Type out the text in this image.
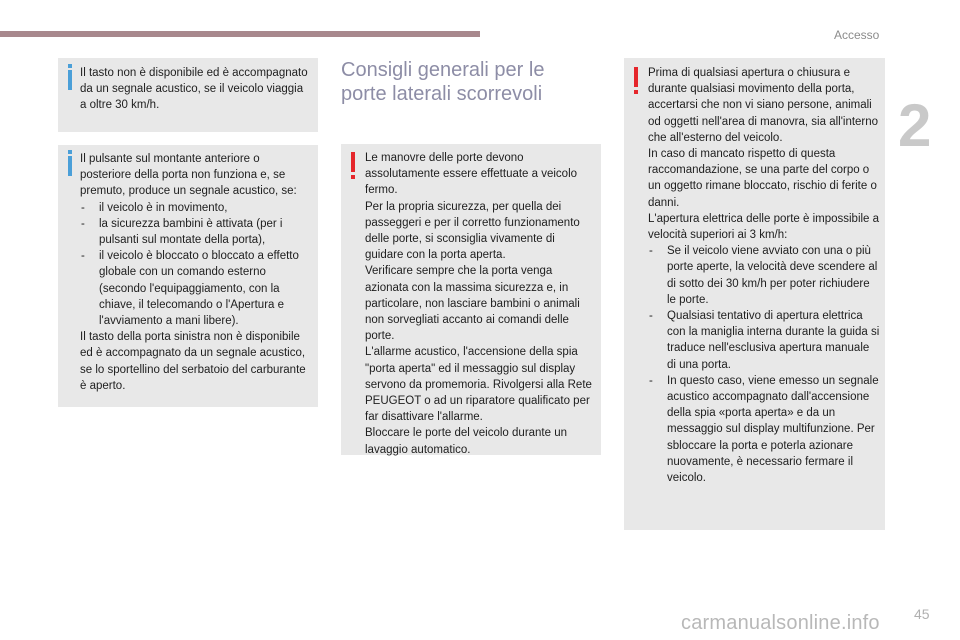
Accesso
2

Il tasto non è disponibile ed è accompagnato da un segnale acustico, se il veicolo viaggia a oltre 30 km/h.

Il pulsante sul montante anteriore o posteriore della porta non funziona e, se premuto, produce un segnale acustico, se:

- il veicolo è in movimento,
- la sicurezza bambini è attivata (per i pulsanti sul montate della porta),
- il veicolo è bloccato o bloccato a effetto globale con un comando esterno (secondo l'equipaggiamento, con la chiave, il telecomando o l'Apertura e l'avviamento a mani libere).

Il tasto della porta sinistra non è disponibile ed è accompagnato da un segnale acustico, se lo sportellino del serbatoio del carburante è aperto.

Consigli generali per le
porte laterali scorrevoli

Le manovre delle porte devono assolutamente essere effettuate a veicolo fermo.

Per la propria sicurezza, per quella dei passeggeri e per il corretto funzionamento delle porte, si sconsiglia vivamente di guidare con la porta aperta.

Verificare sempre che la porta venga azionata con la massima sicurezza e, in particolare, non lasciare bambini o animali non sorvegliati accanto ai comandi delle porte.

L'allarme acustico, l'accensione della spia "porta aperta" ed il messaggio sul display servono da promemoria. Rivolgersi alla Rete PEUGEOT o ad un riparatore qualificato per far disattivare l'allarme.

Bloccare le porte del veicolo durante un lavaggio automatico.

Prima di qualsiasi apertura o chiusura e durante qualsiasi movimento della porta, accertarsi che non vi siano persone, animali od oggetti nell'area di manovra, sia all'interno che all'esterno del veicolo.

In caso di mancato rispetto di questa raccomandazione, se una parte del corpo o un oggetto rimane bloccato, rischio di ferite o danni.

L'apertura elettrica delle porte è impossibile a velocità superiori ai 3 km/h:

- Se il veicolo viene avviato con una o più porte aperte, la velocità deve scendere al di sotto dei 30 km/h per poter richiudere le porte.
- Qualsiasi tentativo di apertura elettrica con la maniglia interna durante la guida si traduce nell'esclusiva apertura manuale di una porta.
- In questo caso, viene emesso un segnale acustico accompagnato dall'accensione della spia «porta aperta» e da un messaggio sul display multifunzione. Per sbloccare la porta e poterla azionare nuovamente, è necessario fermare il veicolo.
45
carmanualsonline.info
